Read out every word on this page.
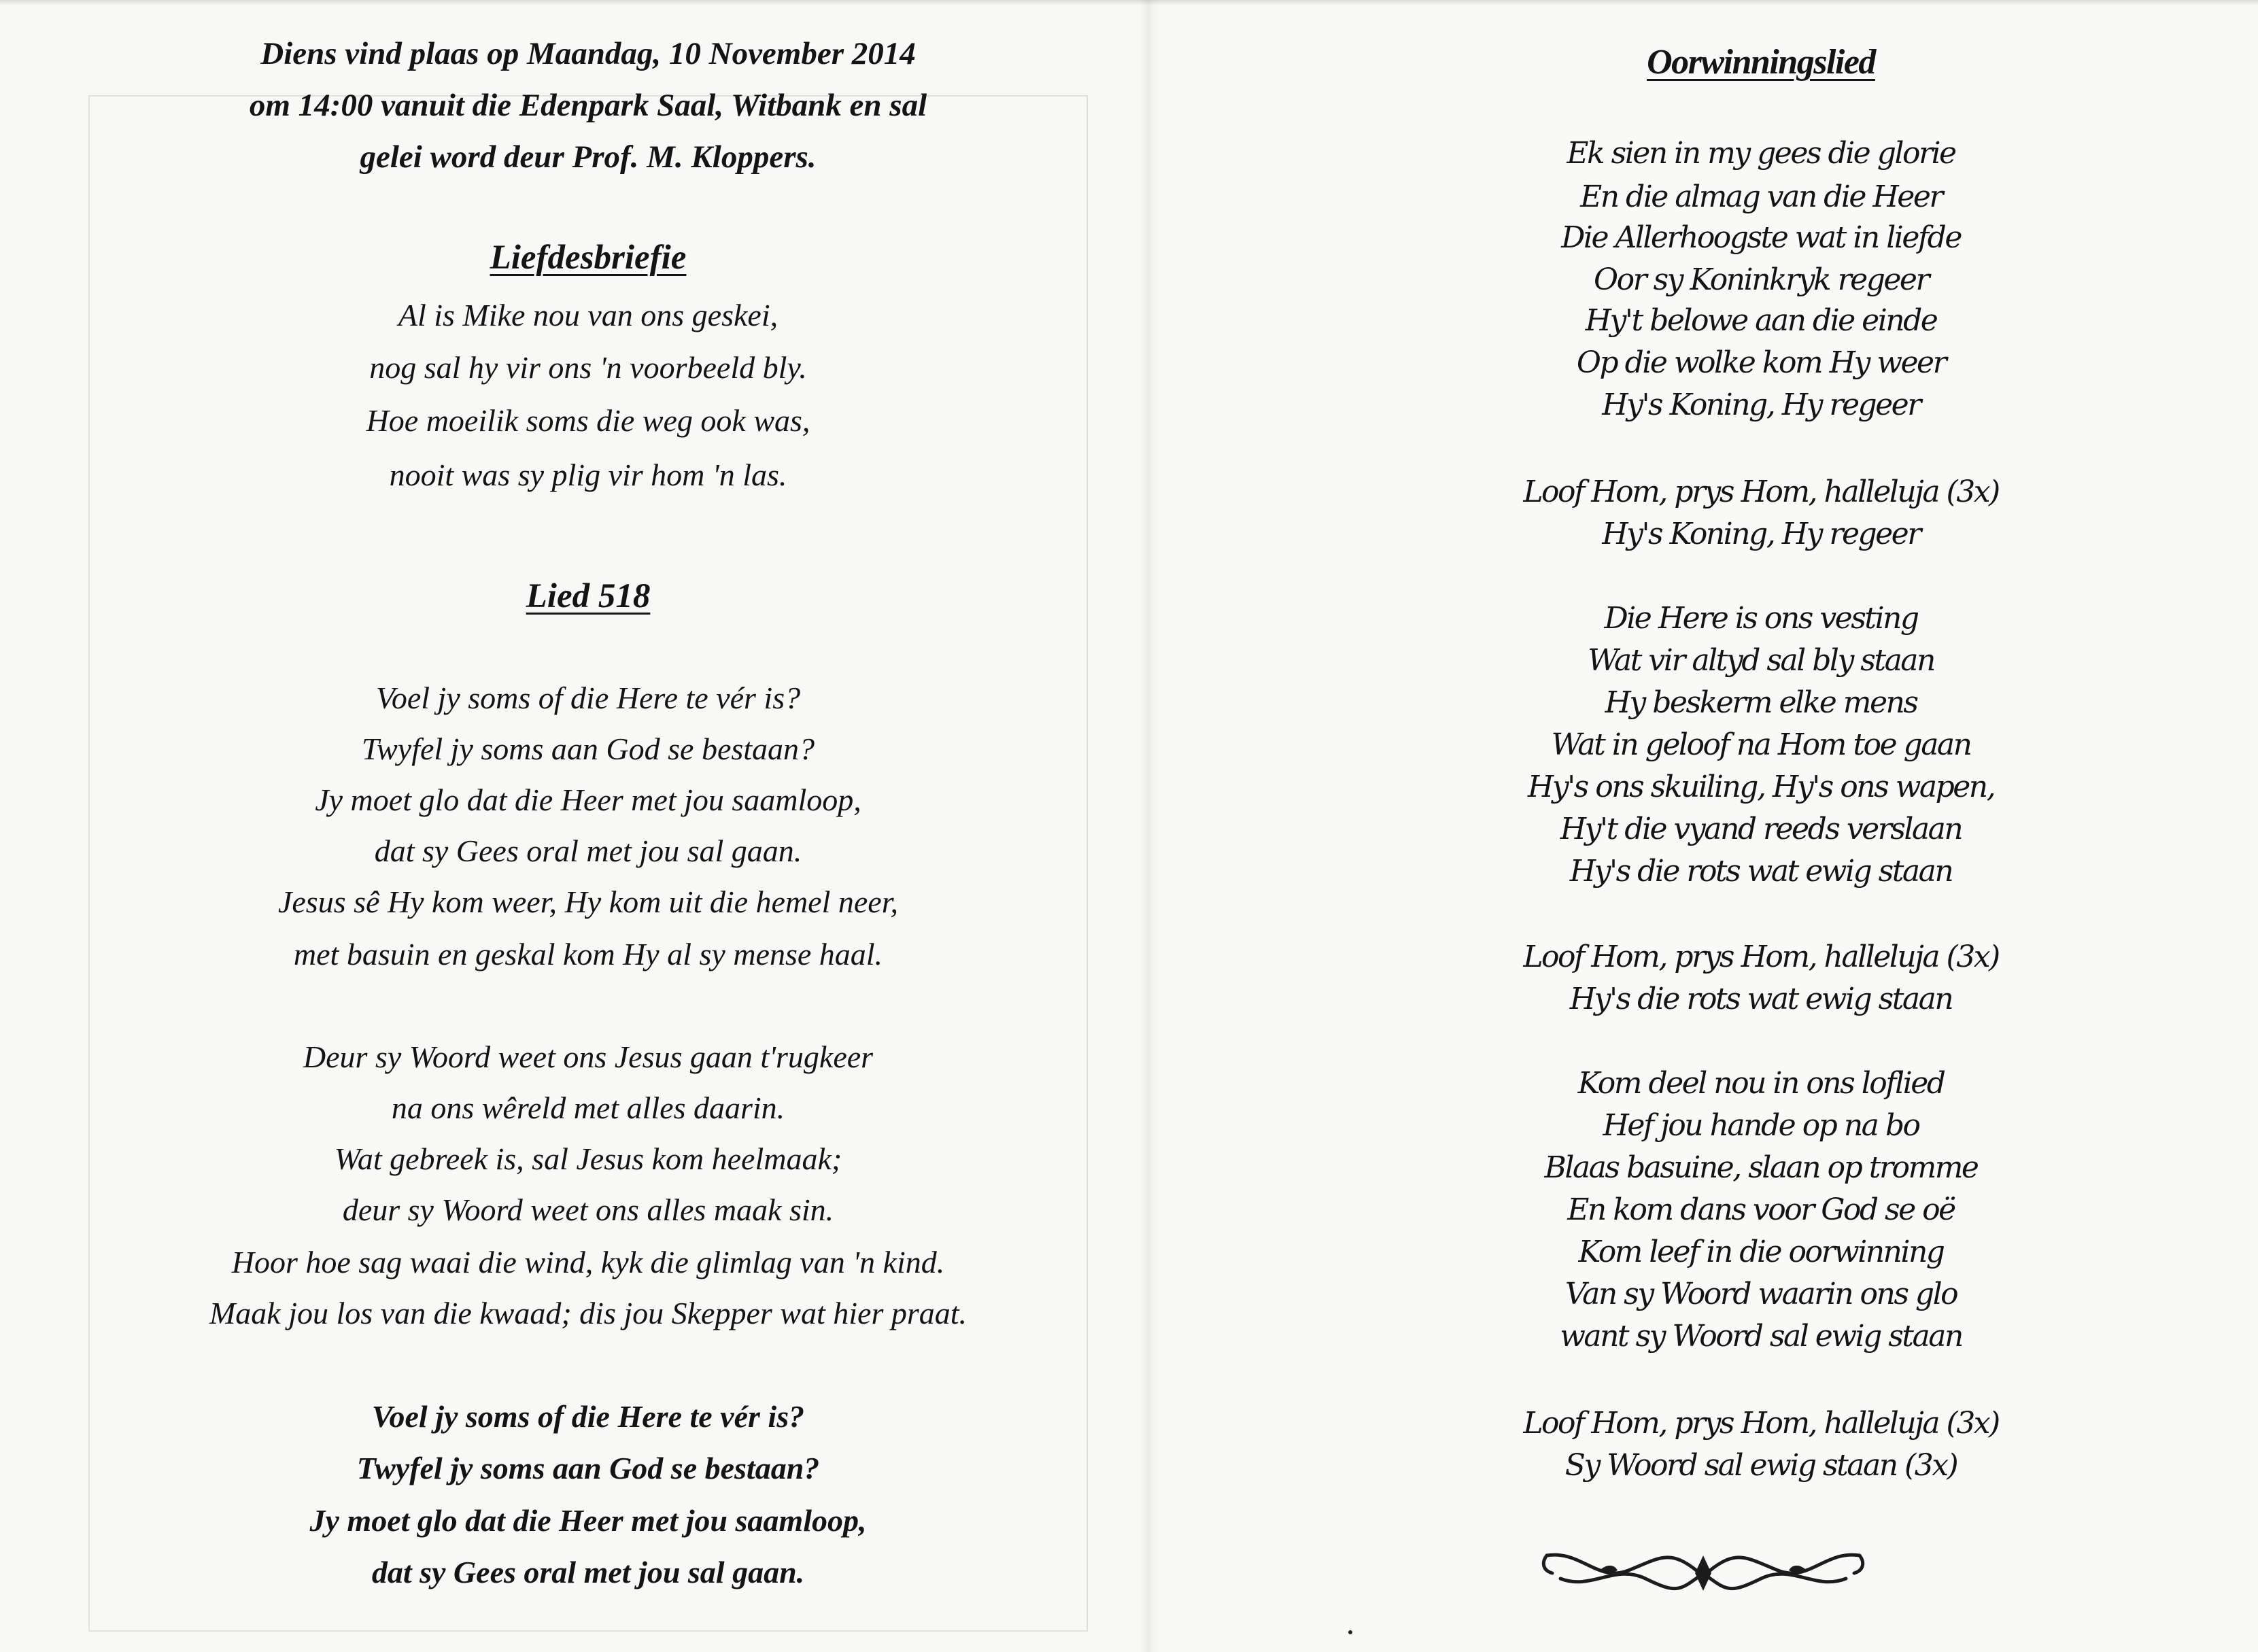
Diens vind plaas op Maandag, 10 November 2014
om 14:00 vanuit die Edenpark Saal, Witbank en sal
gelei word deur Prof. M. Kloppers.
Liefdesbriefie
Al is Mike nou van ons geskei,
nog sal hy vir ons 'n voorbeeld bly.
Hoe moeilik soms die weg ook was,
nooit was sy plig vir hom 'n las.
Lied 518
Voel jy soms of die Here te vér is?
Twyfel jy soms aan God se bestaan?
Jy moet glo dat die Heer met jou saamloop,
dat sy Gees oral met jou sal gaan.
Jesus sê Hy kom weer, Hy kom uit die hemel neer,
met basuin en geskal kom Hy al sy mense haal.
Deur sy Woord weet ons Jesus gaan t'rugkeer
na ons wêreld met alles daarin.
Wat gebreek is, sal Jesus kom heelmaak;
deur sy Woord weet ons alles maak sin.
Hoor hoe sag waai die wind, kyk die glimlag van 'n kind.
Maak jou los van die kwaad; dis jou Skepper wat hier praat.
Voel jy soms of die Here te vér is?
Twyfel jy soms aan God se bestaan?
Jy moet glo dat die Heer met jou saamloop,
dat sy Gees oral met jou sal gaan.
Oorwinningslied
Ek sien in my gees die glorie
En die almag van die Heer
Die Allerhoogste wat in liefde
Oor sy Koninkryk regeer
Hy't belowe aan die einde
Op die wolke kom Hy weer
Hy's Koning, Hy regeer
Loof Hom, prys Hom, halleluja (3x)
Hy's Koning, Hy regeer
Die Here is ons vesting
Wat vir altyd sal bly staan
Hy beskerm elke mens
Wat in geloof na Hom toe gaan
Hy's ons skuiling, Hy's ons wapen,
Hy't die vyand reeds verslaan
Hy's die rots wat ewig staan
Loof Hom, prys Hom, halleluja (3x)
Hy's die rots wat ewig staan
Kom deel nou in ons loflied
Hef jou hande op na bo
Blaas basuine, slaan op tromme
En kom dans voor God se oë
Kom leef in die oorwinning
Van sy Woord waarin ons glo
want sy Woord sal ewig staan
Loof Hom, prys Hom, halleluja (3x)
Sy Woord sal ewig staan (3x)
